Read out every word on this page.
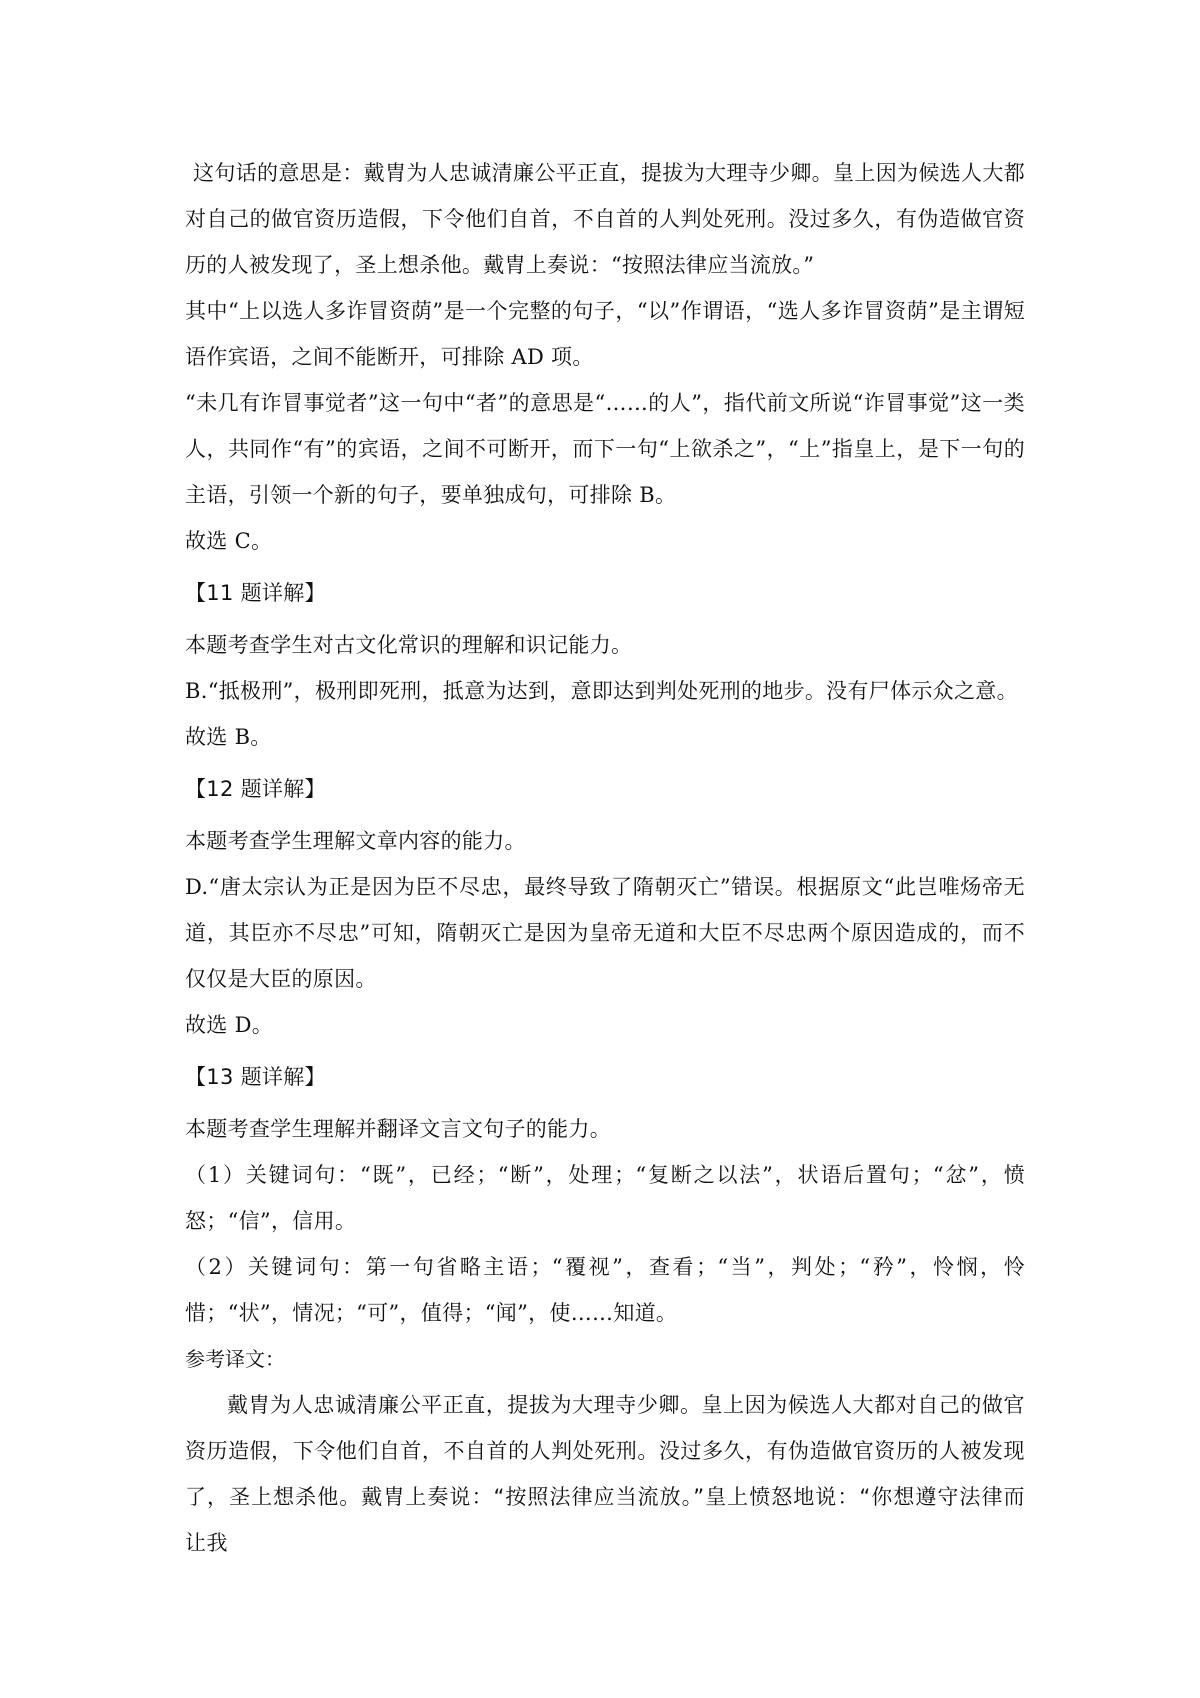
这句话的意思是：戴胄为人忠诚清廉公平正直，提拔为大理寺少卿。皇上因为候选人大都对自己的做官资历造假，下令他们自首，不自首的人判处死刑。没过多久，有伪造做官资历的人被发现了，圣上想杀他。戴胄上奏说：“按照法律应当流放。”

其中“上以选人多诈冒资荫”是一个完整的句子，“以”作谓语，“选人多诈冒资荫”是主谓短语作宾语，之间不能断开，可排除 AD 项。

“未几有诈冒事觉者”这一句中“者”的意思是“……的人”，指代前文所说“诈冒事觉”这一类人，共同作“有”的宾语，之间不可断开，而下一句“上欲杀之”，“上”指皇上，是下一句的主语，引领一个新的句子，要单独成句，可排除 B。

故选 C。

【11 题详解】

本题考查学生对古文化常识的理解和识记能力。

B.“抵极刑”，极刑即死刑，抵意为达到，意即达到判处死刑的地步。没有尸体示众之意。

故选 B。

【12 题详解】

本题考查学生理解文章内容的能力。

D.“唐太宗认为正是因为臣不尽忠，最终导致了隋朝灭亡”错误。根据原文“此岂唯炀帝无道，其臣亦不尽忠”可知，隋朝灭亡是因为皇帝无道和大臣不尽忠两个原因造成的，而不仅仅是大臣的原因。

故选 D。

【13 题详解】

本题考查学生理解并翻译文言文句子的能力。

（1）关键词句：“既”，已经；“断”，处理；“复断之以法”，状语后置句；“忿”，愤怒；“信”，信用。

（2）关键词句：第一句省略主语；“覆视”，查看；“当”，判处；“矜”，怜悯，怜惜；“状”，情况；“可”，值得；“闻”，使……知道。

参考译文：

戴胄为人忠诚清廉公平正直，提拔为大理寺少卿。皇上因为候选人大都对自己的做官资历造假，下令他们自首，不自首的人判处死刑。没过多久，有伪造做官资历的人被发现了，圣上想杀他。戴胄上奏说：“按照法律应当流放。”皇上愤怒地说：“你想遵守法律而让我
